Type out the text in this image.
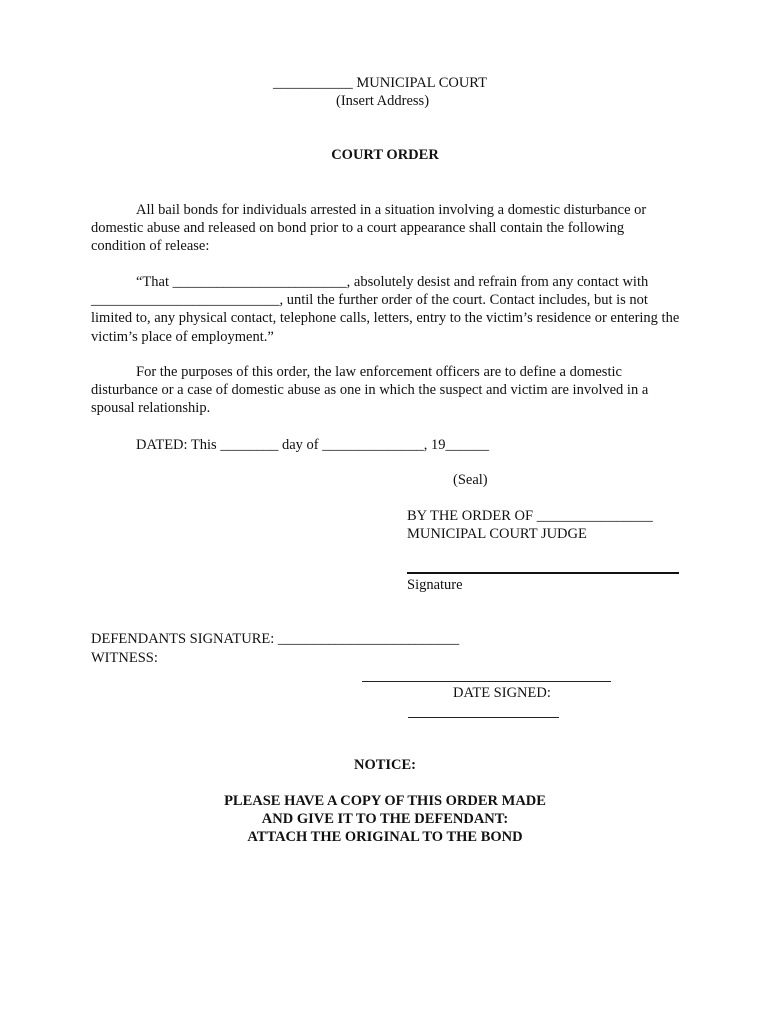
___________ MUNICIPAL COURT
(Insert Address)
COURT ORDER

All bail bonds for individuals arrested in a situation involving a domestic disturbance or domestic abuse and released on bond prior to a court appearance shall contain the following condition of release:

“That ________________________, absolutely desist and refrain from any contact with __________________________, until the further order of the court. Contact includes, but is not limited to, any physical contact, telephone calls, letters, entry to the victim’s residence or entering the victim’s place of employment.”

For the purposes of this order, the law enforcement officers are to define a domestic disturbance or a case of domestic abuse as one in which the suspect and victim are involved in a spousal relationship.

DATED: This ________ day of ______________, 19______
(Seal)
BY THE ORDER OF ________________
MUNICIPAL COURT JUDGE
Signature
DEFENDANTS SIGNATURE: _________________________
WITNESS:
DATE SIGNED:
NOTICE:
PLEASE HAVE A COPY OF THIS ORDER MADE
AND GIVE IT TO THE DEFENDANT:
ATTACH THE ORIGINAL TO THE BOND
